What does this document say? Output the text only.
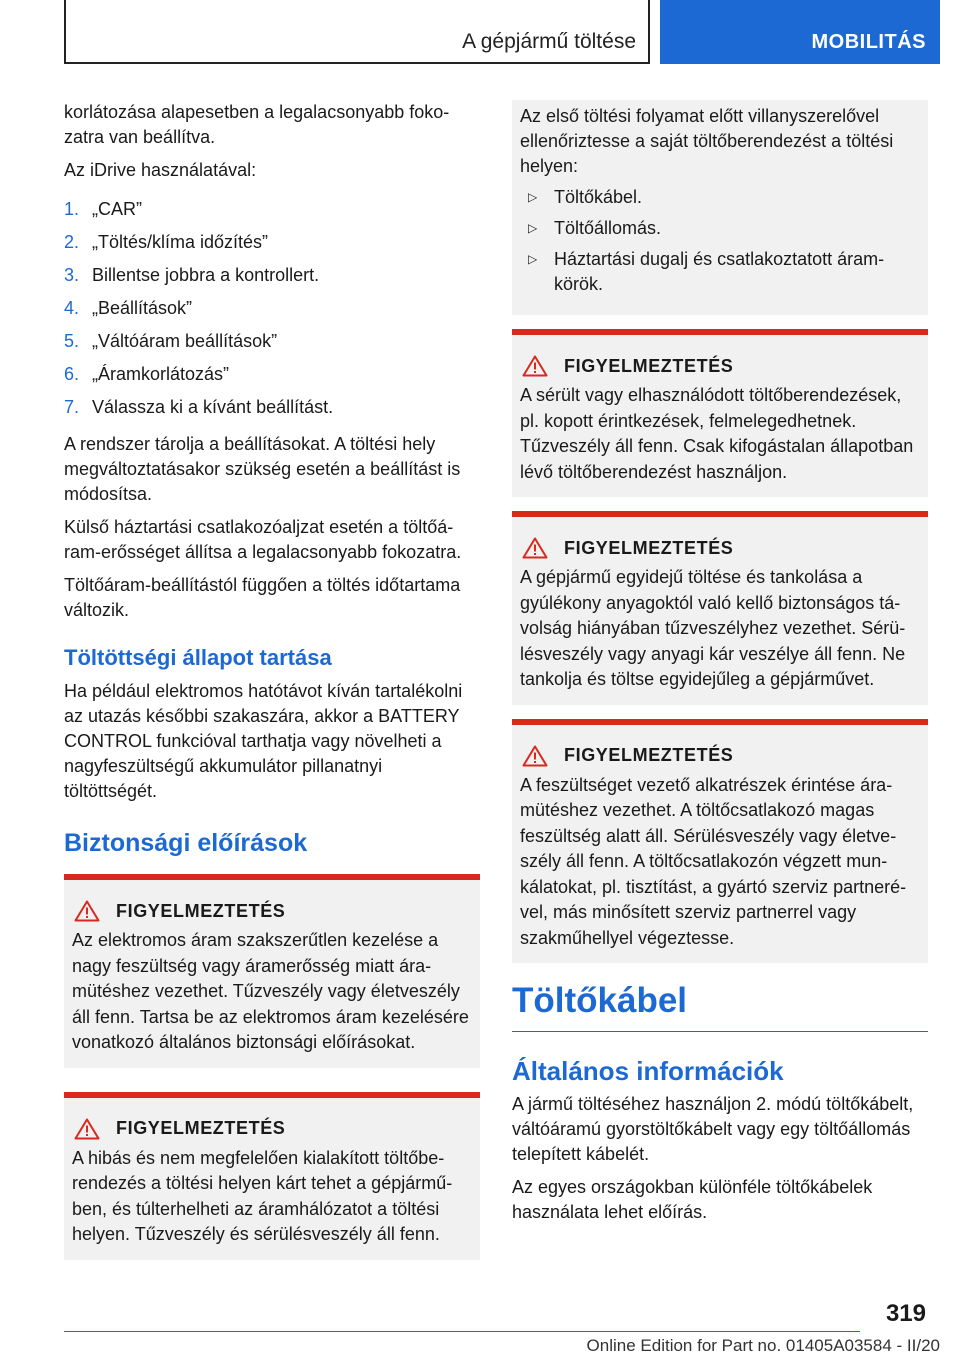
A gépjármű töltése	MOBILITÁS

korlátozása alapesetben a legalacsonyabb fokozatra van beállítva.

Az iDrive használatával:

1. „CAR”
2. „Töltés/klíma időzítés”
3. Billentse jobbra a kontrollert.
4. „Beállítások”
5. „Váltóáram beállítások”
6. „Áramkorlátozás”
7. Válassza ki a kívánt beállítást.

A rendszer tárolja a beállításokat. A töltési hely megváltoztatásakor szükség esetén a beállítást is módosítsa.

Külső háztartási csatlakozóaljzat esetén a töltőáram-erősséget állítsa a legalacsonyabb fokozatra.

Töltőáram-beállítástól függően a töltés időtartama változik.

Töltöttségi állapot tartása

Ha például elektromos hatótávot kíván tartalékolni az utazás későbbi szakaszára, akkor a BATTERY CONTROL funkcióval tarthatja vagy növelheti a nagyfeszültségű akkumulátor pillanatnyi töltöttségét.

Biztonsági előírások
FIGYELMEZTETÉS
Az elektromos áram szakszerűtlen kezelése a nagy feszültség vagy áramerősség miatt áramütéshez vezethet. Tűzveszély vagy életveszély áll fenn. Tartsa be az elektromos áram kezelésére vonatkozó általános biztonsági előírásokat.
FIGYELMEZTETÉS
A hibás és nem megfelelően kialakított töltőberendezés a töltési helyen kárt tehet a gépjárműben, és túlterhelheti az áramhálózatot a töltési helyen. Tűzveszély és sérülésveszély áll fenn.

Az első töltési folyamat előtt villanyszerelővel ellenőriztesse a saját töltőberendezést a töltési helyen:

▷ Töltőkábel.
▷ Töltőállomás.
▷ Háztartási dugalj és csatlakoztatott áramkörök.
FIGYELMEZTETÉS
A sérült vagy elhasználódott töltőberendezések, pl. kopott érintkezések, felmelegedhetnek. Tűzveszély áll fenn. Csak kifogástalan állapotban lévő töltőberendezést használjon.
FIGYELMEZTETÉS
A gépjármű egyidejű töltése és tankolása a gyúlékony anyagoktól való kellő biztonságos távolság hiányában tűzveszélyhez vezethet. Sérülésveszély vagy anyagi kár veszélye áll fenn. Ne tankolja és töltse egyidejűleg a gépjárművet.
FIGYELMEZTETÉS
A feszültséget vezető alkatrészek érintése áramütéshez vezethet. A töltőcsatlakozó magas feszültség alatt áll. Sérülésveszély vagy életveszély áll fenn. A töltőcsatlakozón végzett munkálatokat, pl. tisztítást, a gyártó szerviz partnerével, más minősített szerviz partnerrel vagy szakműhellyel végeztesse.
Töltőkábel
Általános információk

A jármű töltéséhez használjon 2. módú töltőkábelt, váltóáramú gyorstöltőkábelt vagy egy töltőállomás telepített kábelét.

Az egyes országokban különféle töltőkábelek használata lehet előírás.

319
Online Edition for Part no. 01405A03584 - II/20
